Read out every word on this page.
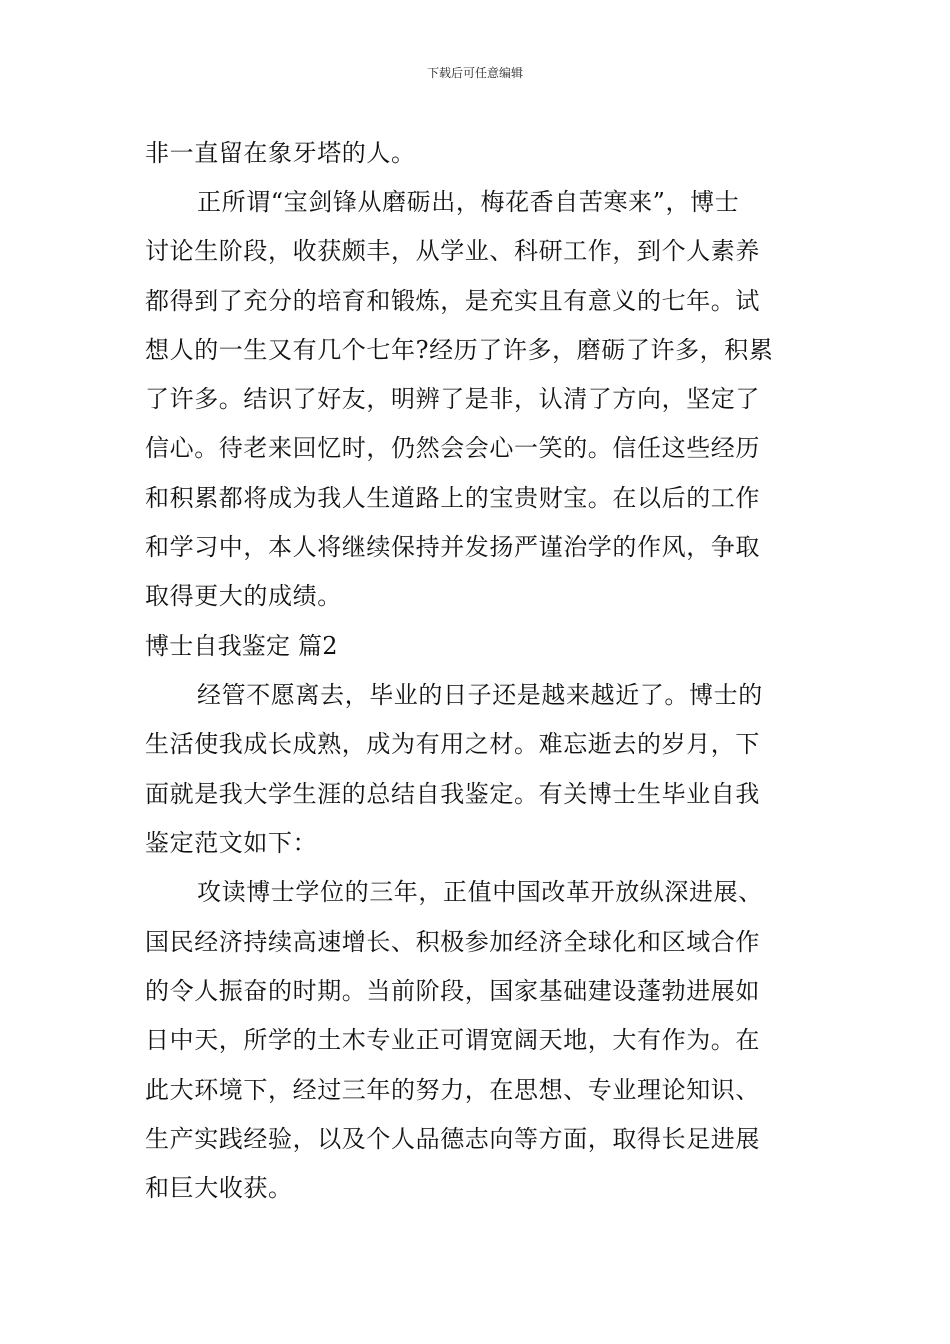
下载后可任意编辑
非一直留在象牙塔的人。
正所谓“宝剑锋从磨砺出，梅花香自苦寒来”，博士
讨论生阶段，收获颇丰，从学业、科研工作，到个人素养
都得到了充分的培育和锻炼，是充实且有意义的七年。试
想人的一生又有几个七年?经历了许多，磨砺了许多，积累
了许多。结识了好友，明辨了是非，认清了方向，坚定了
信心。待老来回忆时，仍然会会心一笑的。信任这些经历
和积累都将成为我人生道路上的宝贵财宝。在以后的工作
和学习中，本人将继续保持并发扬严谨治学的作风，争取
取得更大的成绩。
博士自我鉴定 篇2
经管不愿离去，毕业的日子还是越来越近了。博士的
生活使我成长成熟，成为有用之材。难忘逝去的岁月，下
面就是我大学生涯的总结自我鉴定。有关博士生毕业自我
鉴定范文如下：
攻读博士学位的三年，正值中国改革开放纵深进展、
国民经济持续高速增长、积极参加经济全球化和区域合作
的令人振奋的时期。当前阶段，国家基础建设蓬勃进展如
日中天，所学的土木专业正可谓宽阔天地，大有作为。在
此大环境下，经过三年的努力，在思想、专业理论知识、
生产实践经验，以及个人品德志向等方面，取得长足进展
和巨大收获。
